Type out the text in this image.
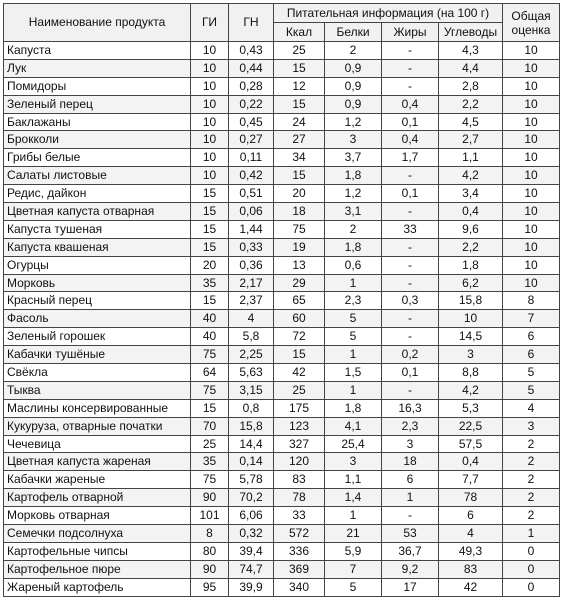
Наименование продукта	ГИ	ГН	Питательная информация (на 100 г)				Общая оценка
			Ккал	Белки	Жиры	Углеводы	
Капуста	10	0,43	25	2	-	4,3	10
Лук	10	0,44	15	0,9	-	4,4	10
Помидоры	10	0,28	12	0,9	-	2,8	10
Зеленый перец	10	0,22	15	0,9	0,4	2,2	10
Баклажаны	10	0,45	24	1,2	0,1	4,5	10
Брокколи	10	0,27	27	3	0,4	2,7	10
Грибы белые	10	0,11	34	3,7	1,7	1,1	10
Салаты листовые	10	0,42	15	1,8	-	4,2	10
Редис, дайкон	15	0,51	20	1,2	0,1	3,4	10
Цветная капуста отварная	15	0,06	18	3,1	-	0,4	10
Капуста тушеная	15	1,44	75	2	33	9,6	10
Капуста квашеная	15	0,33	19	1,8	-	2,2	10
Огурцы	20	0,36	13	0,6	-	1,8	10
Морковь	35	2,17	29	1	-	6,2	10
Красный перец	15	2,37	65	2,3	0,3	15,8	8
Фасоль	40	4	60	5	-	10	7
Зеленый горошек	40	5,8	72	5	-	14,5	6
Кабачки тушёные	75	2,25	15	1	0,2	3	6
Свёкла	64	5,63	42	1,5	0,1	8,8	5
Тыква	75	3,15	25	1	-	4,2	5
Маслины консервированные	15	0,8	175	1,8	16,3	5,3	4
Кукуруза, отварные початки	70	15,8	123	4,1	2,3	22,5	3
Чечевица	25	14,4	327	25,4	3	57,5	2
Цветная капуста жареная	35	0,14	120	3	18	0,4	2
Кабачки жареные	75	5,78	83	1,1	6	7,7	2
Картофель отварной	90	70,2	78	1,4	1	78	2
Морковь отварная	101	6,06	33	1	-	6	2
Семечки подсолнуха	8	0,32	572	21	53	4	1
Картофельные чипсы	80	39,4	336	5,9	36,7	49,3	0
Картофельное пюре	90	74,7	369	7	9,2	83	0
Жареный картофель	95	39,9	340	5	17	42	0
